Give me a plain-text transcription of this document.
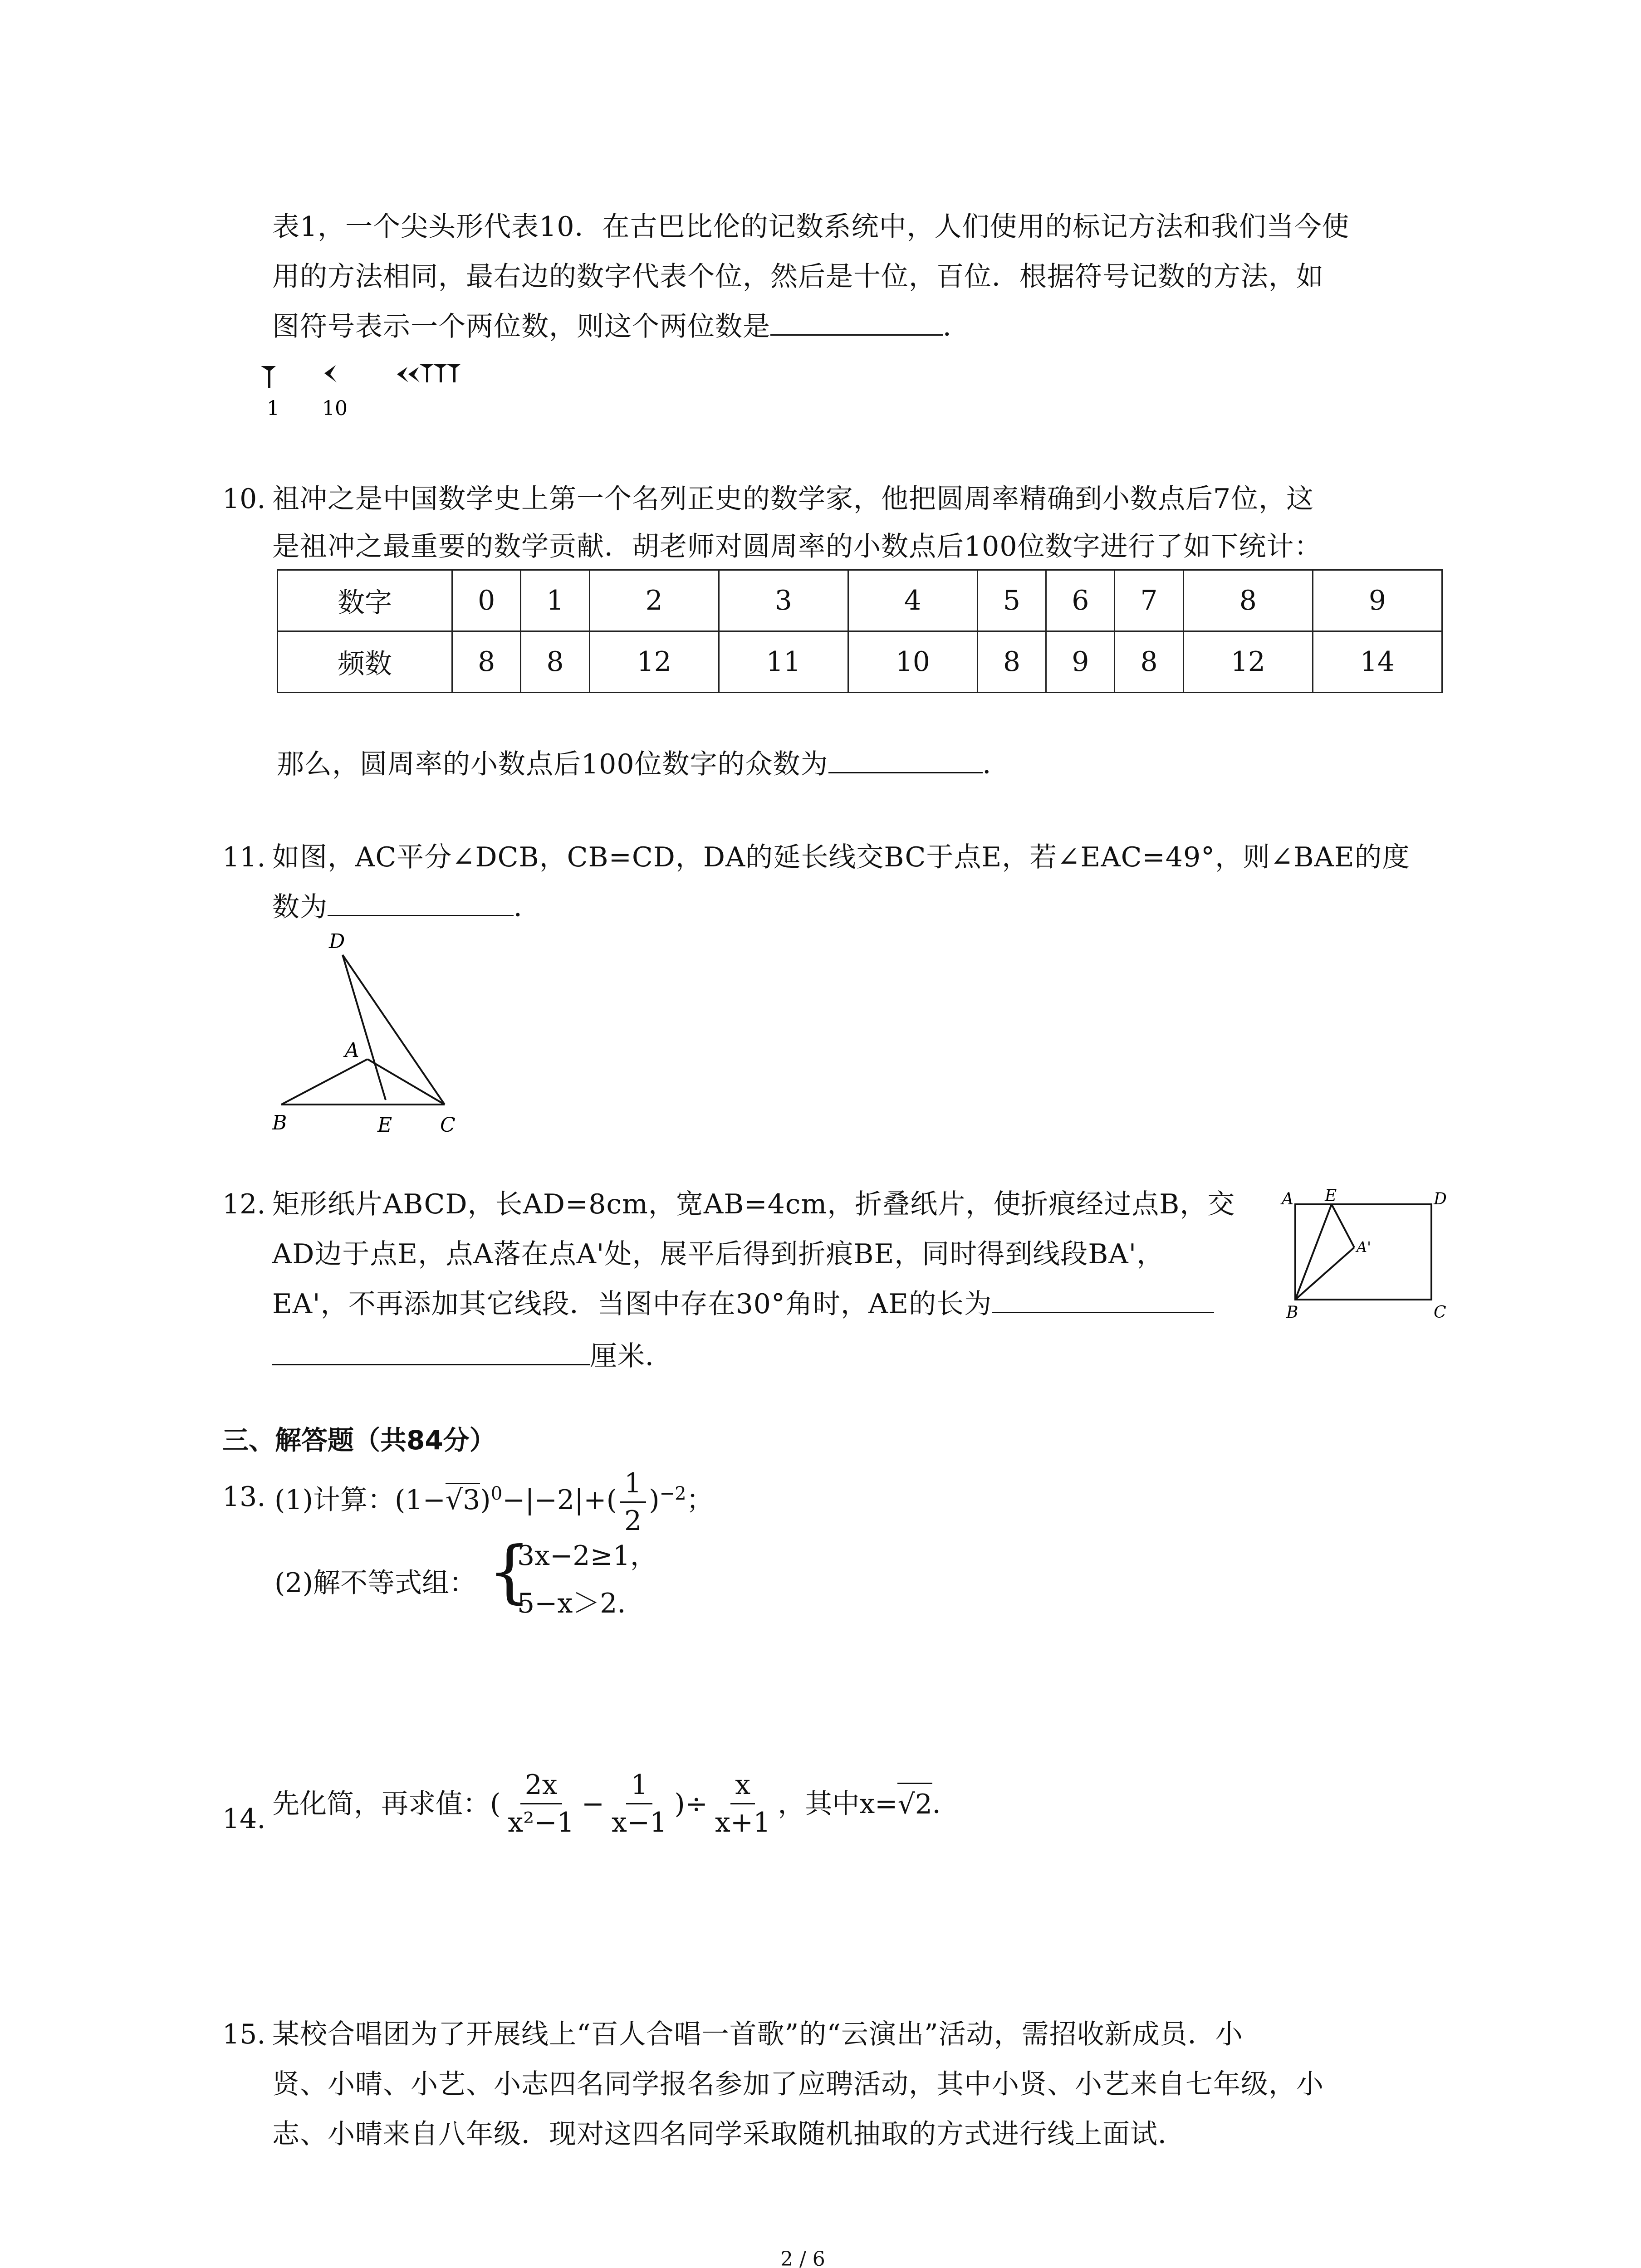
表1，一个尖头形代表10．在古巴比伦的记数系统中，人们使用的标记方法和我们当今使
用的方法相同，最右边的数字代表个位，然后是十位，百位．根据符号记数的方法，如
图符号表示一个两位数，则这个两位数是	．
1 10
10. 祖冲之是中国数学史上第一个名列正史的数学家，他把圆周率精确到小数点后7位，这
是祖冲之最重要的数学贡献．胡老师对圆周率的小数点后100位数字进行了如下统计：
数字	0	1	2	3	4	5	6	7	8	9
频数	8	8	12	11	10	8	9	8	12	14
那么，圆周率的小数点后100位数字的众数为	．
11. 如图，AC平分∠DCB，CB=CD，DA的延长线交BC于点E，若∠EAC=49°，则∠BAE的度
数为	．
D
A
B	E C
12. 矩形纸片ABCD，长AD=8cm，宽AB=4cm，折叠纸片，使折痕经过点B，交
AD边于点E，点A落在点A'处，展平后得到折痕BE，同时得到线段BA'，
EA'，不再添加其它线段．当图中存在30°角时，AE的长为
厘米．
A E	D
A'
B	C
三、解答题（共84分）
13. (1)计算：$(1-√3)^0-|-2|+( \frac{1}{2} )^{-2}$；
(2)解不等式组： {
3x−2≥1，
5−x＞2．
14. 先化简，再求值：( $\frac{2x}{\text{x²−1}} - \frac{1}{x-1}$ )÷ $\frac{x}{x+1}$ ，其中x= √2 ．
15. 某校合唱团为了开展线上“百人合唱一首歌”的“云演出”活动，需招收新成员．小
贤、小晴、小艺、小志四名同学报名参加了应聘活动，其中小贤、小艺来自七年级，小
志、小晴来自八年级．现对这四名同学采取随机抽取的方式进行线上面试．
2 / 6
